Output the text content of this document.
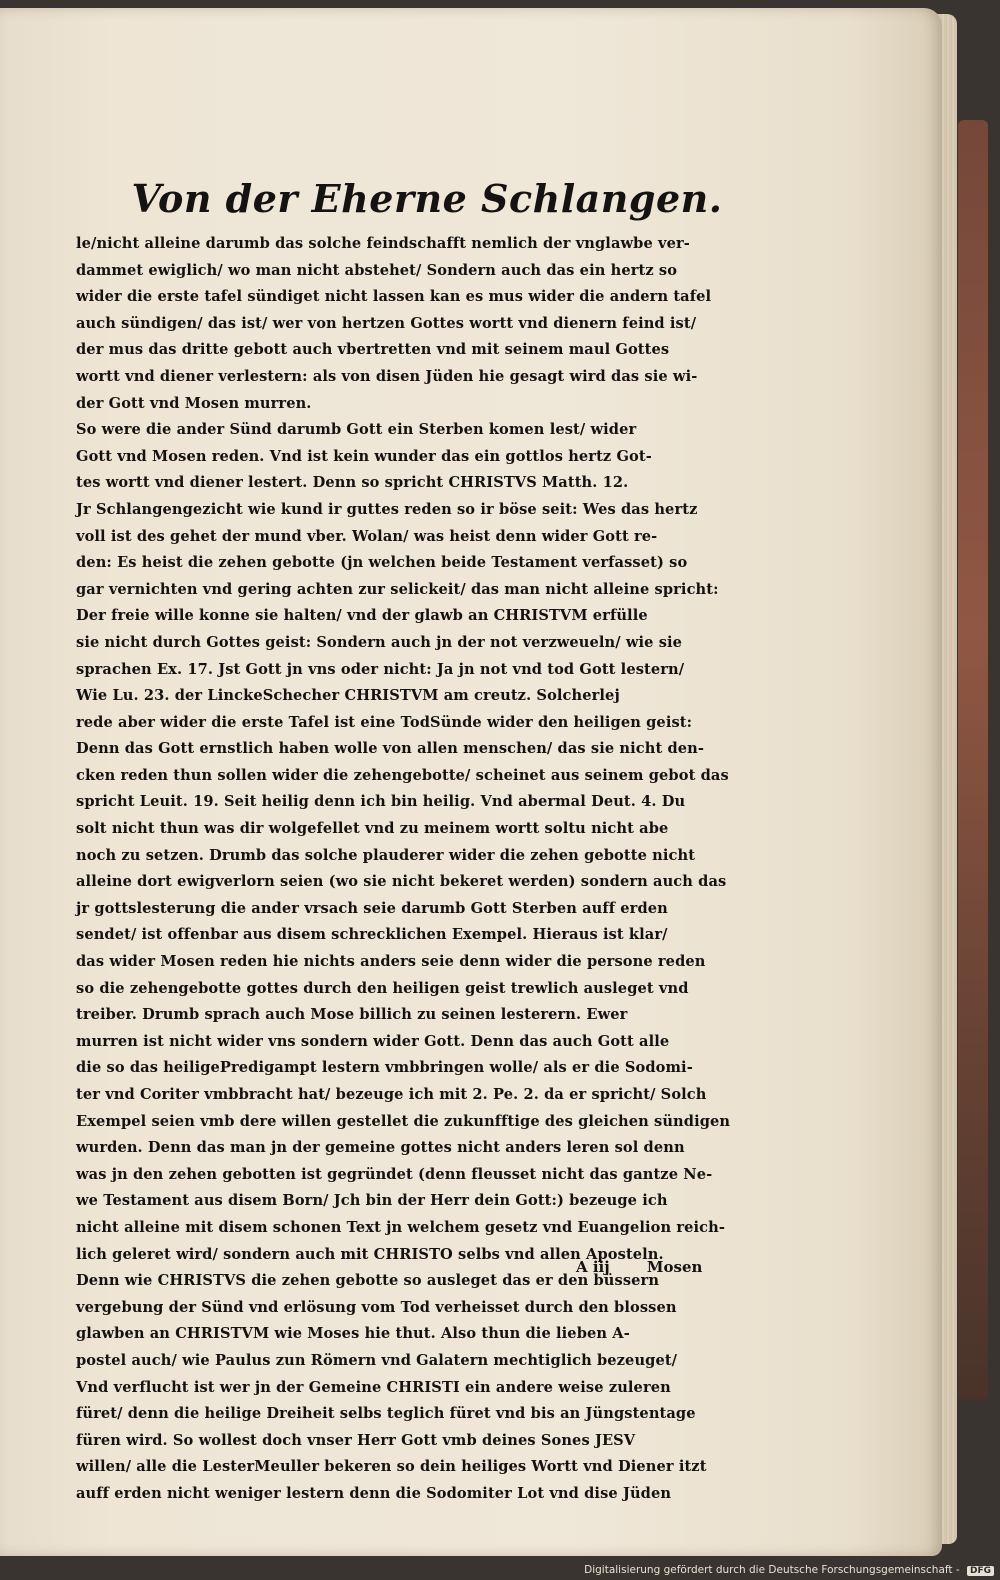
Von der Eherne Schlangen.
le/nicht alleine darumb das solche feindschafft nemlich der vnglawbe ver-
dammet ewiglich/ wo man nicht abstehet/ Sondern auch das ein hertz so
wider die erste tafel sündiget nicht lassen kan es mus wider die andern tafel
auch sündigen/ das ist/ wer von hertzen Gottes wortt vnd dienern feind ist/
der mus das dritte gebott auch vbertretten vnd mit seinem maul Gottes
wortt vnd diener verlestern: als von disen Jüden hie gesagt wird das sie wi-
der Gott vnd Mosen murren.
So were die ander Sünd darumb Gott ein Sterben komen lest/ wider
Gott vnd Mosen reden. Vnd ist kein wunder das ein gottlos hertz Got-
tes wortt vnd diener lestert. Denn so spricht CHRISTVS Matth. 12.
Jr Schlangengezicht wie kund ir guttes reden so ir böse seit: Wes das hertz
voll ist des gehet der mund vber. Wolan/ was heist denn wider Gott re-
den: Es heist die zehen gebotte (jn welchen beide Testament verfasset) so
gar vernichten vnd gering achten zur selickeit/ das man nicht alleine spricht:
Der freie wille konne sie halten/ vnd der glawb an CHRISTVM erfülle
sie nicht durch Gottes geist: Sondern auch jn der not verzweueln/ wie sie
sprachen Ex. 17. Jst Gott jn vns oder nicht: Ja jn not vnd tod Gott lestern/
Wie Lu. 23. der LinckeSchecher CHRISTVM am creutz. Solcherlej
rede aber wider die erste Tafel ist eine TodSünde wider den heiligen geist:
Denn das Gott ernstlich haben wolle von allen menschen/ das sie nicht den-
cken reden thun sollen wider die zehengebotte/ scheinet aus seinem gebot das
spricht Leuit. 19. Seit heilig denn ich bin heilig. Vnd abermal Deut. 4. Du
solt nicht thun was dir wolgefellet vnd zu meinem wortt soltu nicht abe
noch zu setzen. Drumb das solche plauderer wider die zehen gebotte nicht
alleine dort ewigverlorn seien (wo sie nicht bekeret werden) sondern auch das
jr gottslesterung die ander vrsach seie darumb Gott Sterben auff erden
sendet/ ist offenbar aus disem schrecklichen Exempel. Hieraus ist klar/
das wider Mosen reden hie nichts anders seie denn wider die persone reden
so die zehengebotte gottes durch den heiligen geist trewlich ausleget vnd
treiber. Drumb sprach auch Mose billich zu seinen lesterern. Ewer
murren ist nicht wider vns sondern wider Gott. Denn das auch Gott alle
die so das heiligePredigampt lestern vmbbringen wolle/ als er die Sodomi-
ter vnd Coriter vmbbracht hat/ bezeuge ich mit 2. Pe. 2. da er spricht/ Solch
Exempel seien vmb dere willen gestellet die zukunfftige des gleichen sündigen
wurden. Denn das man jn der gemeine gottes nicht anders leren sol denn
was jn den zehen gebotten ist gegründet (denn fleusset nicht das gantze Ne-
we Testament aus disem Born/ Jch bin der Herr dein Gott:) bezeuge ich
nicht alleine mit disem schonen Text jn welchem gesetz vnd Euangelion reich-
lich geleret wird/ sondern auch mit CHRISTO selbs vnd allen Aposteln.
Denn wie CHRISTVS die zehen gebotte so ausleget das er den büssern
vergebung der Sünd vnd erlösung vom Tod verheisset durch den blossen
glawben an CHRISTVM wie Moses hie thut. Also thun die lieben A-
postel auch/ wie Paulus zun Römern vnd Galatern mechtiglich bezeuget/
Vnd verflucht ist wer jn der Gemeine CHRISTI ein andere weise zuleren
füret/ denn die heilige Dreiheit selbs teglich füret vnd bis an Jüngstentage
füren wird. So wollest doch vnser Herr Gott vmb deines Sones JESV
willen/ alle die LesterMeuller bekeren so dein heiliges Wortt vnd Diener itzt
auff erden nicht weniger lestern denn die Sodomiter Lot vnd dise Jüden
A iij Mosen
Digitalisierung gefördert durch die Deutsche Forschungsgemeinschaft - DFG
